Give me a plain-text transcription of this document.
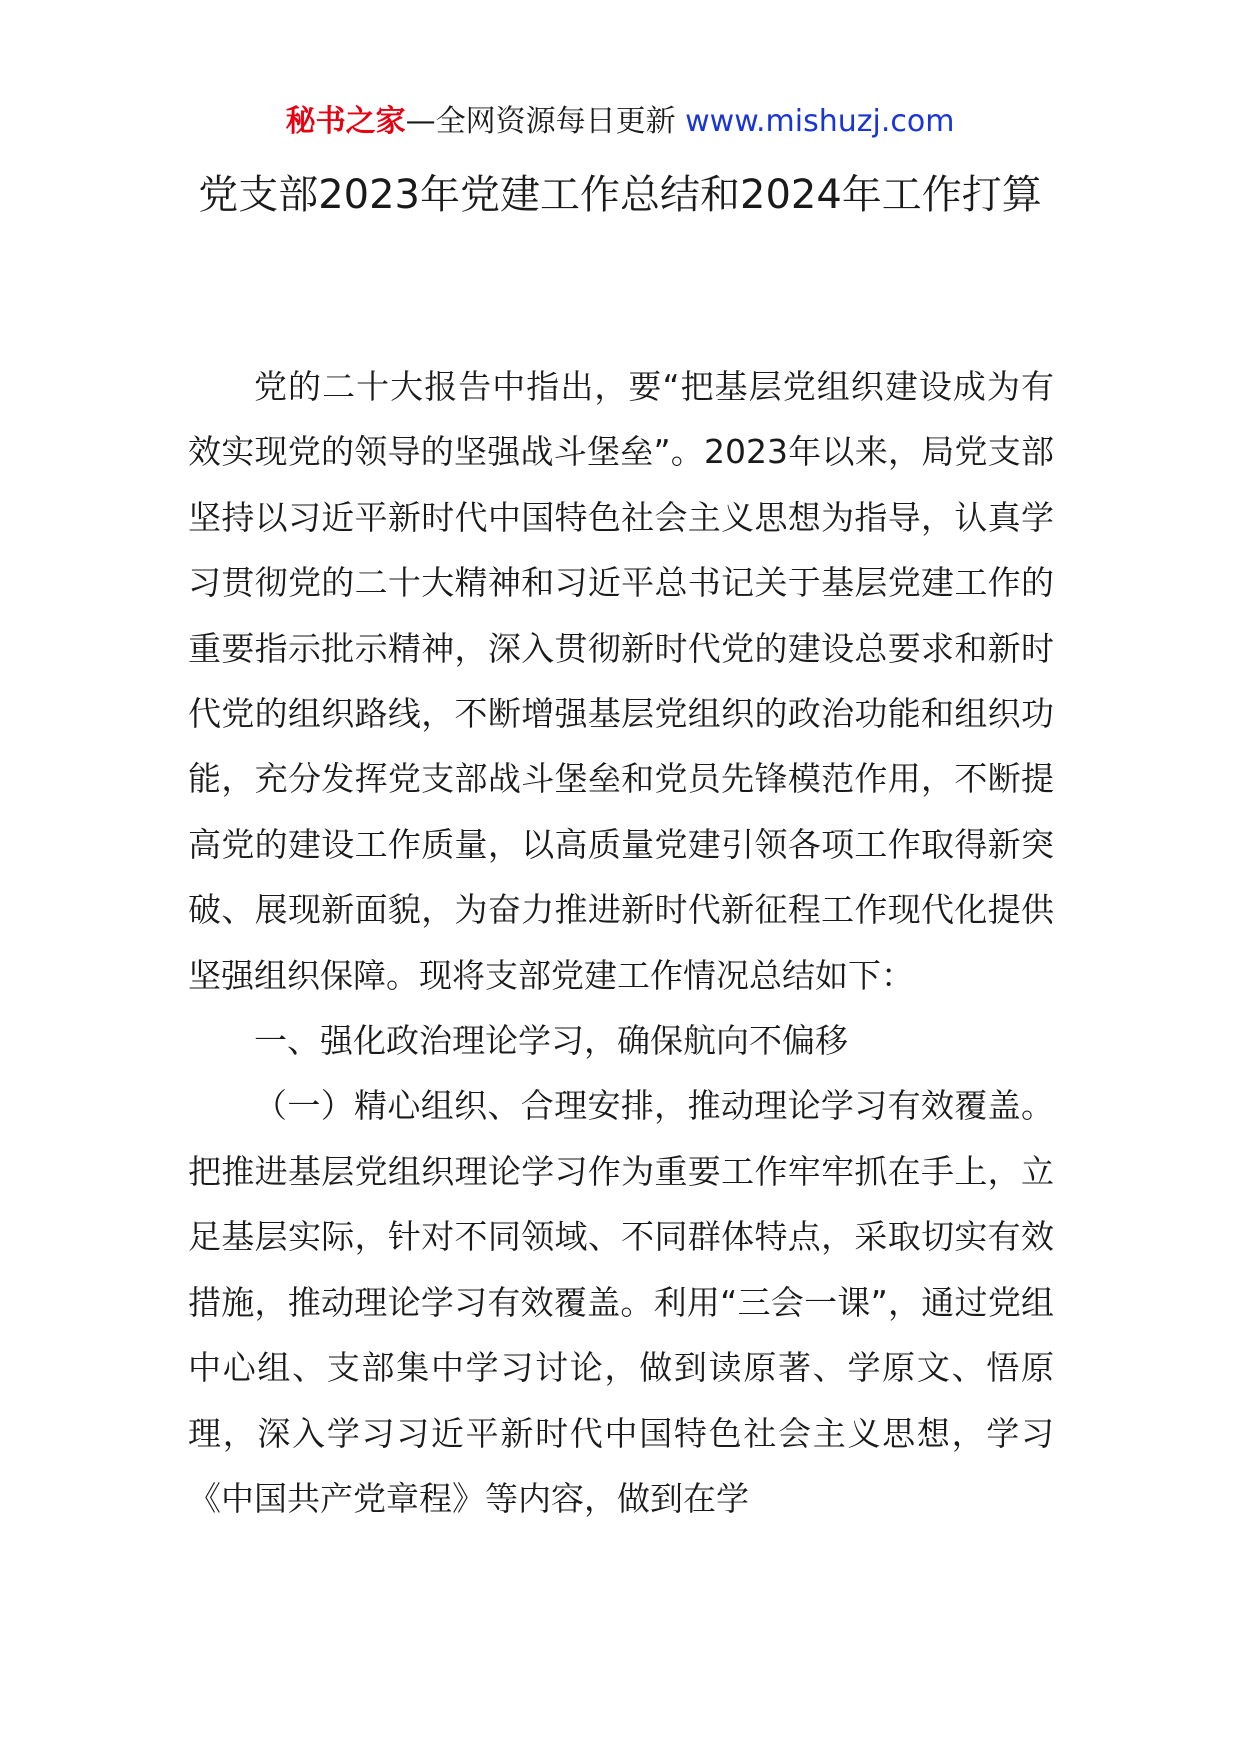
秘书之家—全网资源每日更新 www.mishuzj.com
党支部2023年党建工作总结和2024年工作打算

党的二十大报告中指出，要“把基层党组织建设成为有效实现党的领导的坚强战斗堡垒”。2023年以来，局党支部坚持以习近平新时代中国特色社会主义思想为指导，认真学习贯彻党的二十大精神和习近平总书记关于基层党建工作的重要指示批示精神，深入贯彻新时代党的建设总要求和新时代党的组织路线，不断增强基层党组织的政治功能和组织功能，充分发挥党支部战斗堡垒和党员先锋模范作用，不断提高党的建设工作质量，以高质量党建引领各项工作取得新突破、展现新面貌，为奋力推进新时代新征程工作现代化提供坚强组织保障。现将支部党建工作情况总结如下：

一、强化政治理论学习，确保航向不偏移

（一）精心组织、合理安排，推动理论学习有效覆盖。把推进基层党组织理论学习作为重要工作牢牢抓在手上，立足基层实际，针对不同领域、不同群体特点，采取切实有效措施，推动理论学习有效覆盖。利用“三会一课”，通过党组中心组、支部集中学习讨论，做到读原著、学原文、悟原理，深入学习习近平新时代中国特色社会主义思想，学习《中国共产党章程》等内容，做到在学
